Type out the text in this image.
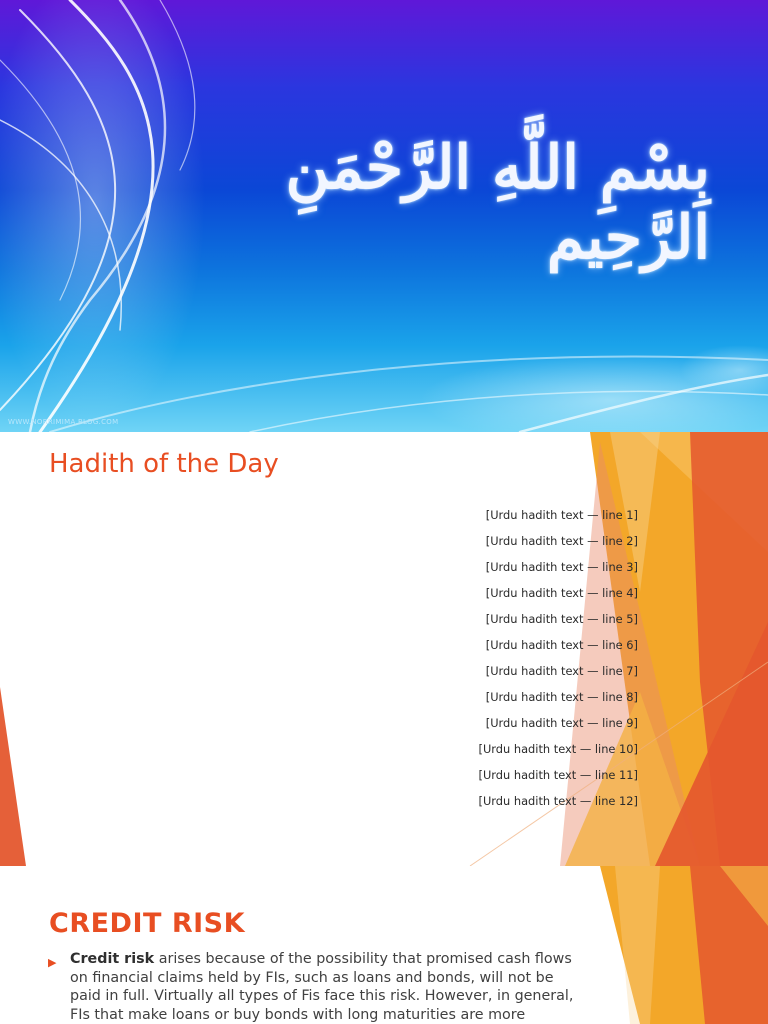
بِسْمِ اللَّهِ الرَّحْمَنِ الرَّحِيم
WWW.NORRIMIMA.BLOG.COM
Hadith of the Day
[Urdu hadith text — line 1]
[Urdu hadith text — line 2]
[Urdu hadith text — line 3]
[Urdu hadith text — line 4]
[Urdu hadith text — line 5]
[Urdu hadith text — line 6]
[Urdu hadith text — line 7]
[Urdu hadith text — line 8]
[Urdu hadith text — line 9]
[Urdu hadith text — line 10]
[Urdu hadith text — line 11]
[Urdu hadith text — line 12]
CREDIT RISK
▶ Credit risk arises because of the possibility that promised cash flows on financial claims held by FIs, such as loans and bonds, will not be paid in full. Virtually all types of Fis face this risk. However, in general, FIs that make loans or buy bonds with long maturities are more
